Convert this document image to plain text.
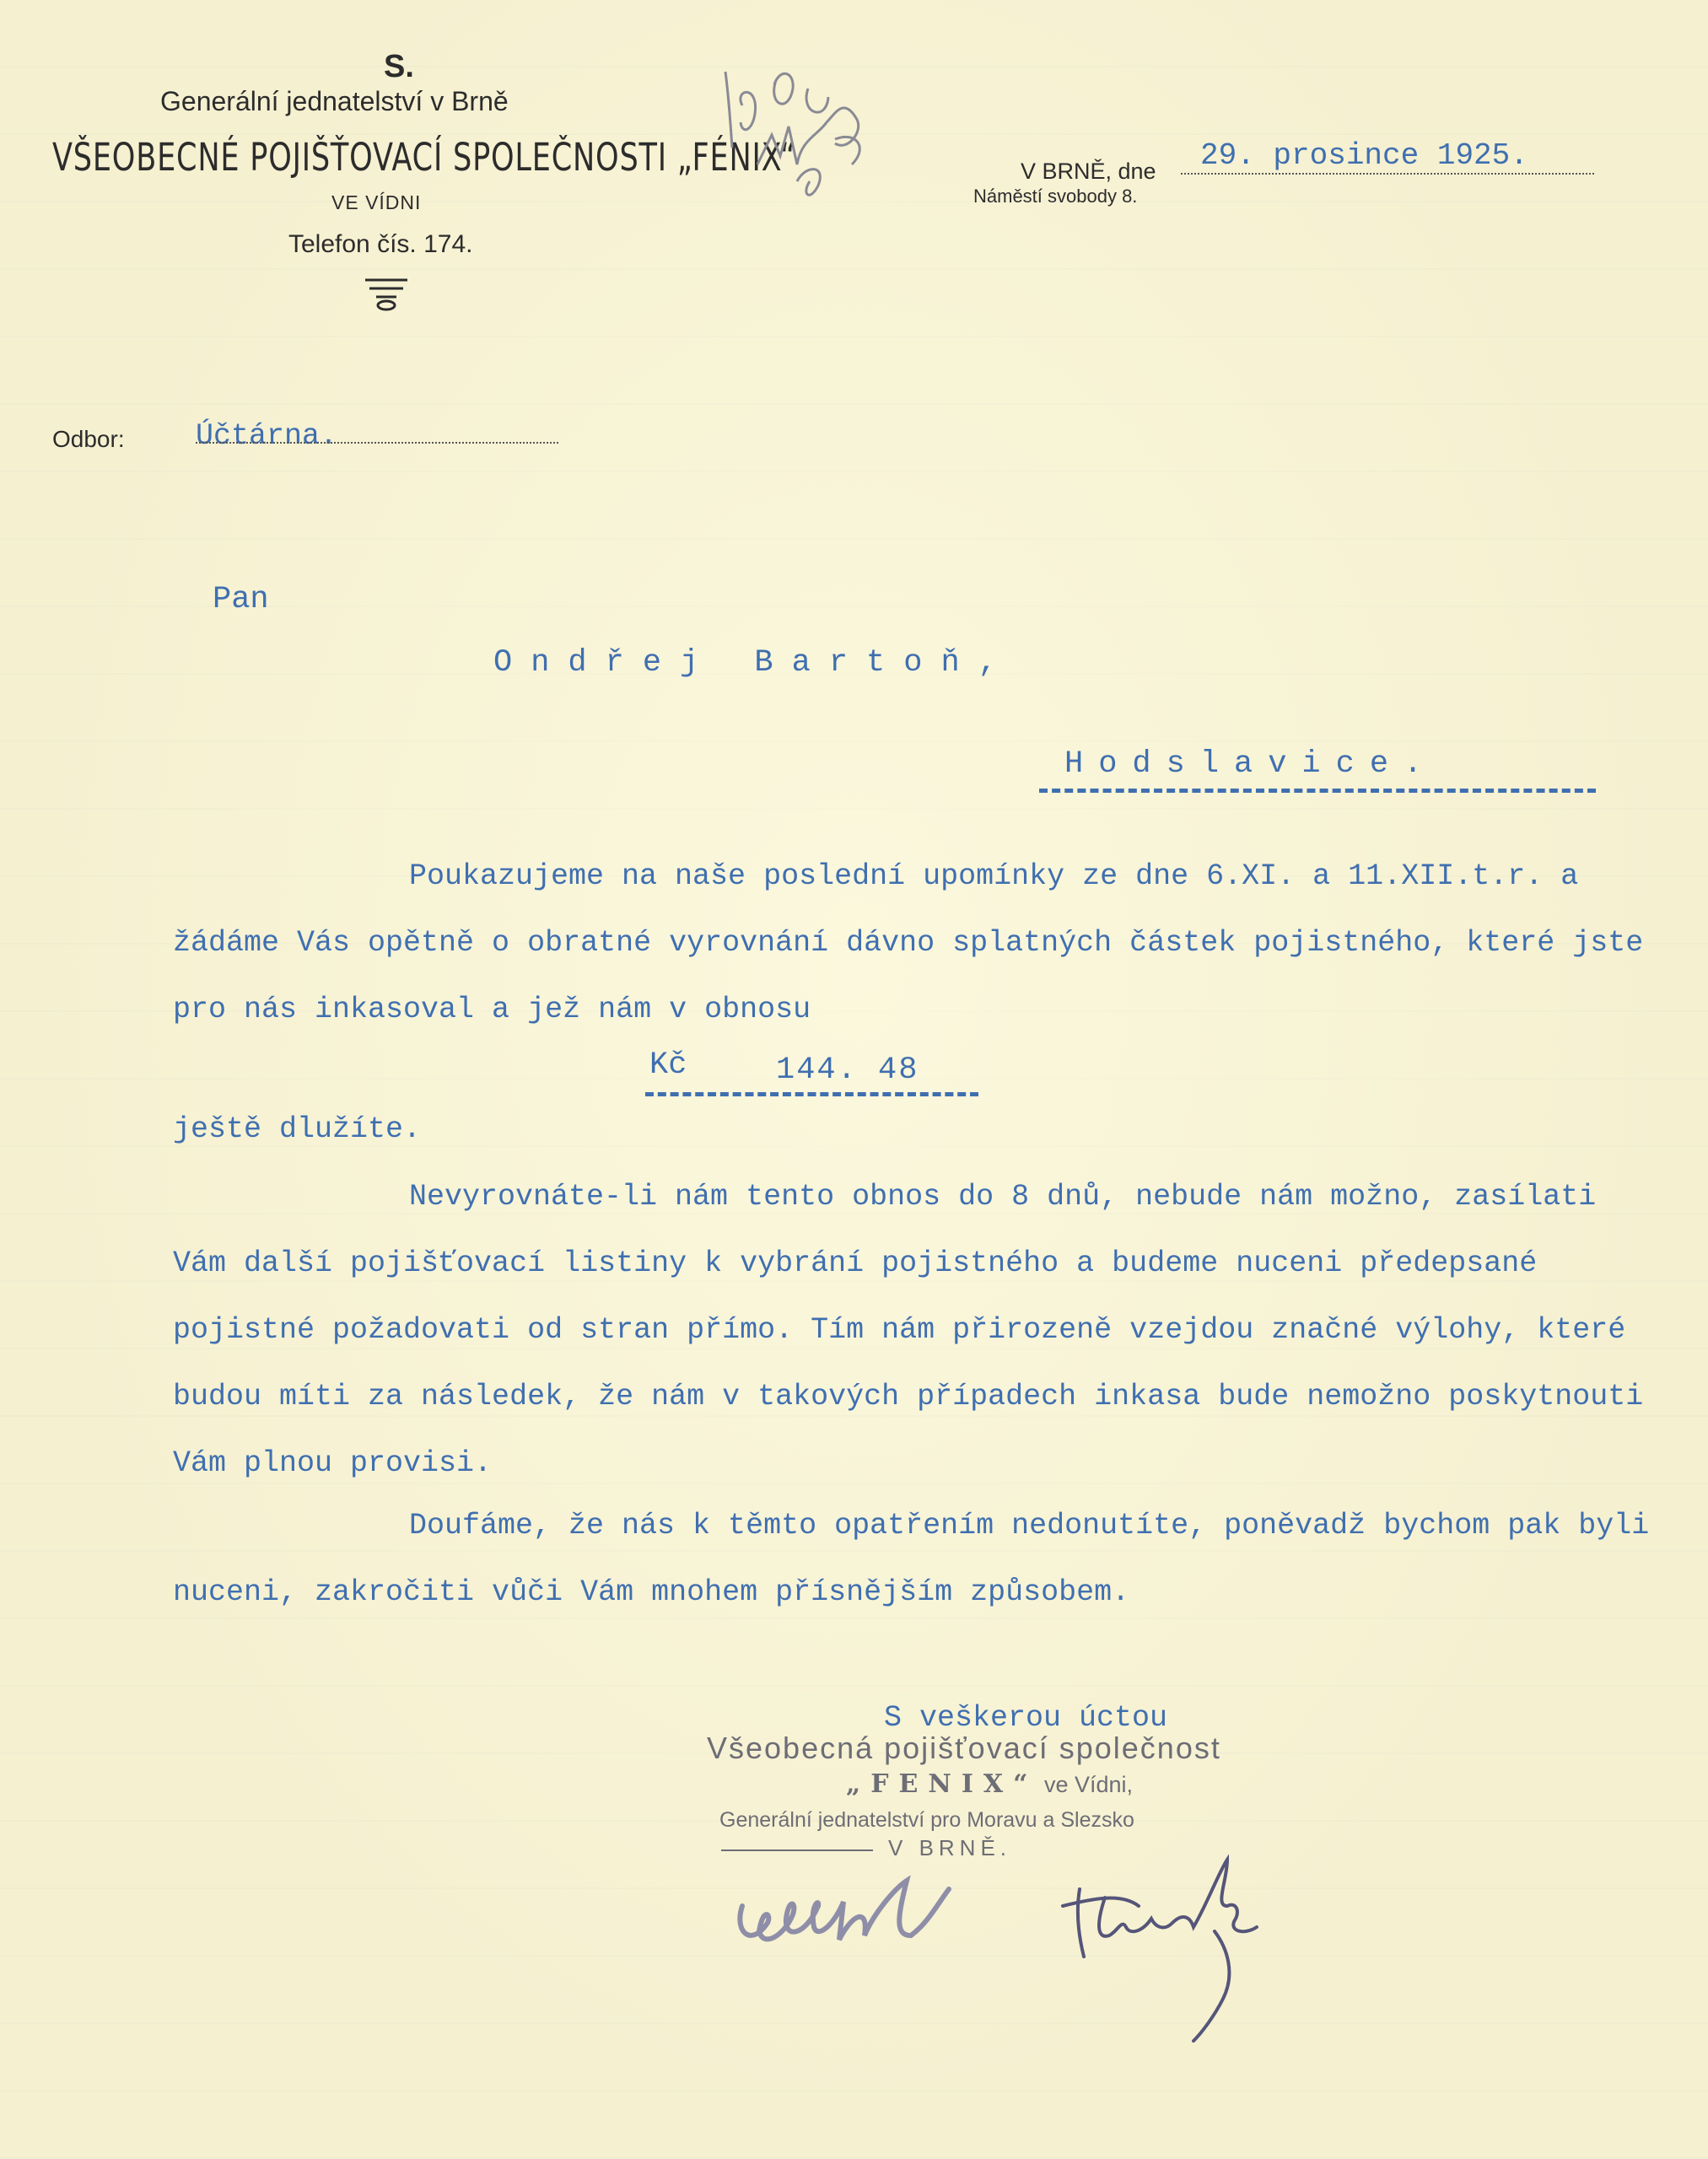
S.
Generální jednatelství v Brně
VŠEOBECNÉ POJIŠŤOVACÍ SPOLEČNOSTI „FÉNIX“
VE VÍDNI
Telefon čís. 174.
V BRNĚ, dne 29. prosince 1925.
Náměstí svobody 8.
Odbor: Účtárna.
Pan
Ondřej Bartoň,
Hodslavice.
Poukazujeme na naše poslední upomínky ze dne 6.XI. a 11.XII.t.r. a žádáme Vás opětně o obratné vyrovnání dávno splatných částek pojistného, které jste pro nás inkasoval a jež nám v obnosu
Kč	144. 48
ještě dlužíte.
Nevyrovnáte-li nám tento obnos do 8 dnů, nebude nám možno, zasílati Vám další pojišťovací listiny k vybrání pojistného a budeme nuceni předepsané pojistné požadovati od stran přímo. Tím nám přirozeně vzejdou značné výlohy, které budou míti za následek, že nám v takových případech inkasa bude nemožno poskytnouti Vám plnou provisi.
Doufáme, že nás k těmto opatřením nedonutíte, poněvadž bychom pak byli nuceni, zakročiti vůči Vám mnohem přísnějším způsobem.
S veškerou úctou
Všeobecná pojišťovací společnost
„FENIX“ ve Vídni,
Generální jednatelství pro Moravu a Slezsko
V BRNĚ.
